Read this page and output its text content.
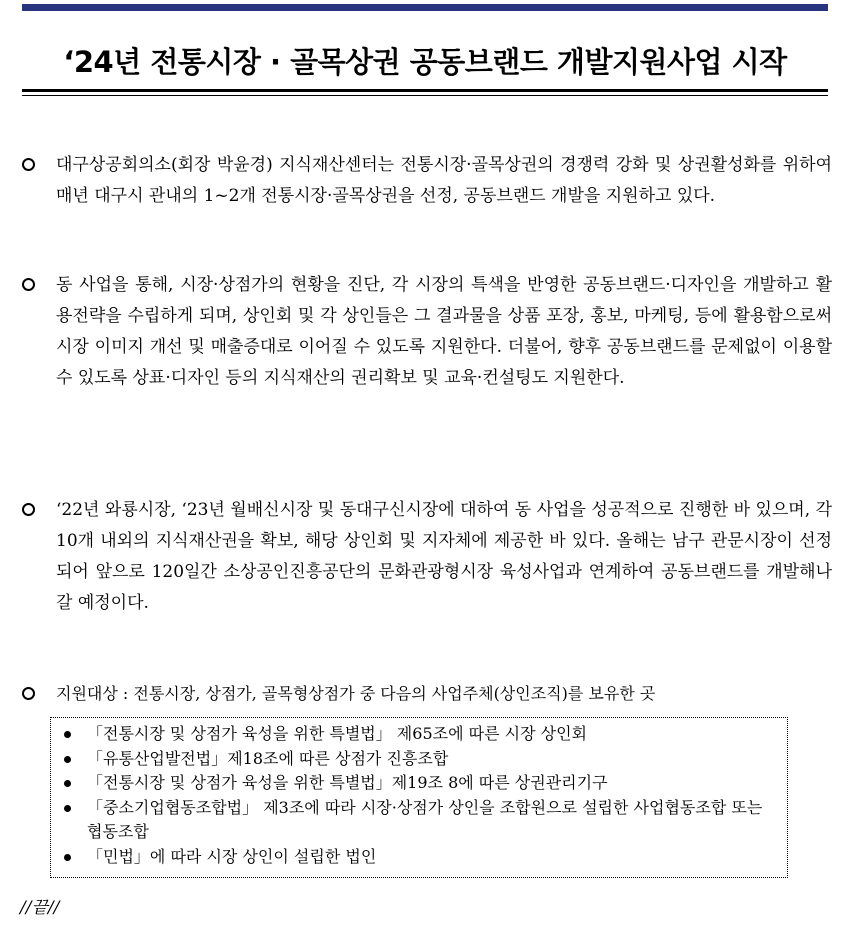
‘24년 전통시장 · 골목상권 공동브랜드 개발지원사업 시작
대구상공회의소(회장 박윤경) 지식재산센터는 전통시장·골목상권의 경쟁력 강화 및 상권활성화를 위하여 매년 대구시 관내의 1~2개 전통시장·골목상권을 선정, 공동브랜드 개발을 지원하고 있다.
동 사업을 통해, 시장·상점가의 현황을 진단, 각 시장의 특색을 반영한 공동브랜드·디자인을 개발하고 활용전략을 수립하게 되며, 상인회 및 각 상인들은 그 결과물을 상품 포장, 홍보, 마케팅, 등에 활용함으로써 시장 이미지 개선 및 매출증대로 이어질 수 있도록 지원한다. 더불어, 향후 공동브랜드를 문제없이 이용할 수 있도록 상표·디자인 등의 지식재산의 권리확보 및 교육·컨설팅도 지원한다.
‘22년 와룡시장, ‘23년 월배신시장 및 동대구신시장에 대하여 동 사업을 성공적으로 진행한 바 있으며, 각 10개 내외의 지식재산권을 확보, 해당 상인회 및 지자체에 제공한 바 있다. 올해는 남구 관문시장이 선정되어 앞으로 120일간 소상공인진흥공단의 문화관광형시장 육성사업과 연계하여 공동브랜드를 개발해나갈 예정이다.
지원대상 : 전통시장, 상점가, 골목형상점가 중 다음의 사업주체(상인조직)를 보유한 곳
「전통시장 및 상점가 육성을 위한 특별법」 제65조에 따른 시장 상인회
「유통산업발전법」제18조에 따른 상점가 진흥조합
「전통시장 및 상점가 육성을 위한 특별법」제19조 8에 따른 상권관리기구
「중소기업협동조합법」 제3조에 따라 시장·상점가 상인을 조합원으로 설립한 사업협동조합 또는 협동조합
「민법」에 따라 시장 상인이 설립한 법인
//끝//
